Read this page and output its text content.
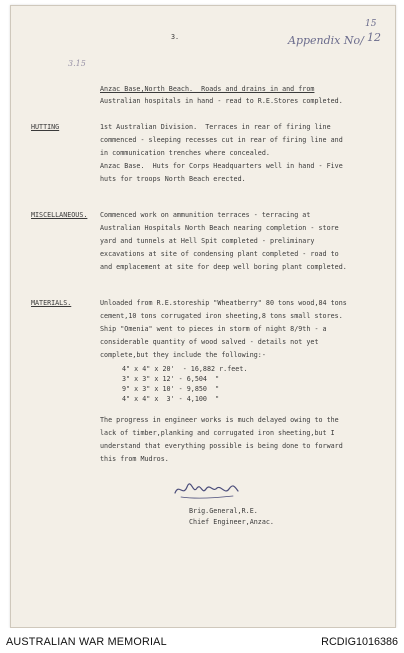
3.	Appendix No/
15
12
3.15
Anzac Base,North Beach.  Roads and drains in and from
Australian hospitals in hand - read to R.E.Stores completed.
HUTTING	1st Australian Division.  Terraces in rear of firing line
commenced - sleeping recesses cut in rear of firing line and
in communication trenches where concealed.
Anzac Base.  Huts for Corps Headquarters well in hand - Five
huts for troops North Beach erected.
MISCELLANEOUS. Commenced work on ammunition terraces - terracing at
Australian Hospitals North Beach nearing completion - store
yard and tunnels at Hell Spit completed - preliminary
excavations at site of condensing plant completed - road to
and emplacement at site for deep well boring plant completed.
MATERIALS.	Unloaded from R.E.storeship "Wheatberry" 80 tons wood,84 tons
cement,10 tons corrugated iron sheeting,8 tons small stores.
Ship "Omenia" went to pieces in storm of night 8/9th - a
considerable quantity of wood salved - details not yet
complete,but they include the following:-
4" x 4" x 20'  - 16,882 r.feet.
3" x 3" x 12' - 6,504  "
9" x 3" x 10' - 9,850  "
4" x 4" x  3' - 4,100  "
The progress in engineer works is much delayed owing to the
lack of timber,planking and corrugated iron sheeting,but I
understand that everything possible is being done to forward
this from Mudros.
Brig.General,R.E.
Chief Engineer,Anzac.
AUSTRALIAN WAR MEMORIAL	RCDIG1016386
